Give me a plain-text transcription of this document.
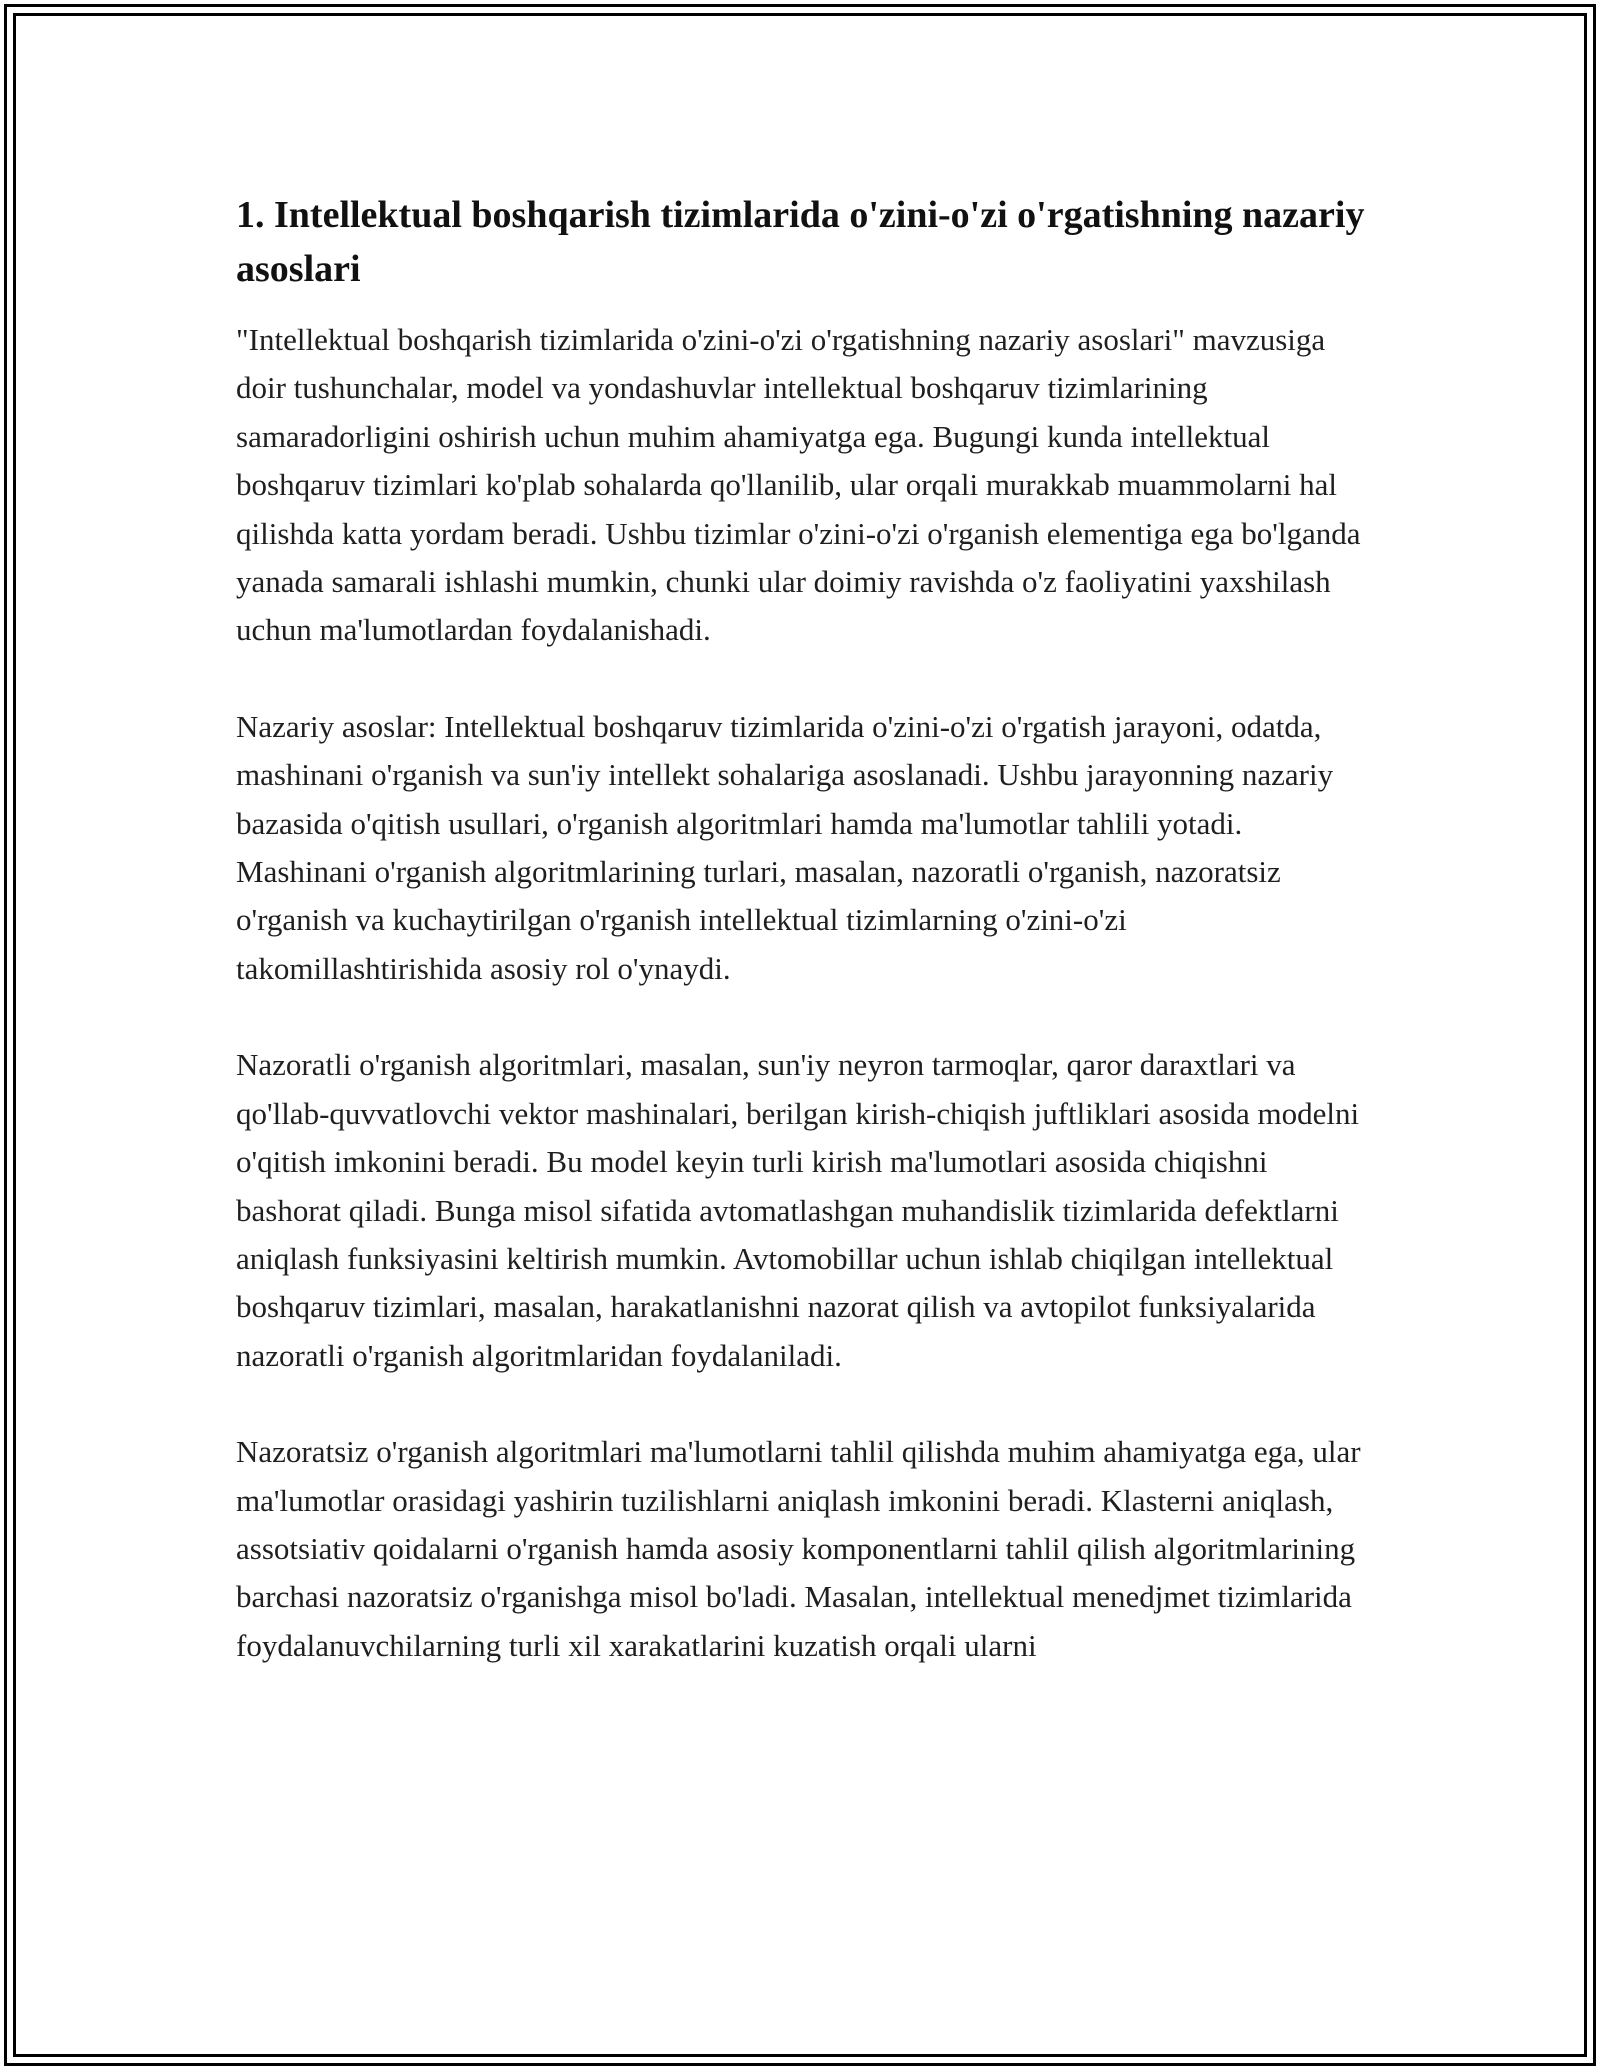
1. Intellektual boshqarish tizimlarida o'zini-o'zi o'rgatishning nazariy asoslari

"Intellektual boshqarish tizimlarida o'zini-o'zi o'rgatishning nazariy asoslari" mavzusiga doir tushunchalar, model va yondashuvlar intellektual boshqaruv tizimlarining samaradorligini oshirish uchun muhim ahamiyatga ega. Bugungi kunda intellektual boshqaruv tizimlari ko'plab sohalarda qo'llanilib, ular orqali murakkab muammolarni hal qilishda katta yordam beradi. Ushbu tizimlar o'zini-o'zi o'rganish elementiga ega bo'lganda yanada samarali ishlashi mumkin, chunki ular doimiy ravishda o'z faoliyatini yaxshilash uchun ma'lumotlardan foydalanishadi.

Nazariy asoslar: Intellektual boshqaruv tizimlarida o'zini-o'zi o'rgatish jarayoni, odatda, mashinani o'rganish va sun'iy intellekt sohalariga asoslanadi. Ushbu jarayonning nazariy bazasida o'qitish usullari, o'rganish algoritmlari hamda ma'lumotlar tahlili yotadi. Mashinani o'rganish algoritmlarining turlari, masalan, nazoratli o'rganish, nazoratsiz o'rganish va kuchaytirilgan o'rganish intellektual tizimlarning o'zini-o'zi takomillashtirishida asosiy rol o'ynaydi.

Nazoratli o'rganish algoritmlari, masalan, sun'iy neyron tarmoqlar, qaror daraxtlari va qo'llab-quvvatlovchi vektor mashinalari, berilgan kirish-chiqish juftliklari asosida modelni o'qitish imkonini beradi. Bu model keyin turli kirish ma'lumotlari asosida chiqishni bashorat qiladi. Bunga misol sifatida avtomatlashgan muhandislik tizimlarida defektlarni aniqlash funksiyasini keltirish mumkin. Avtomobillar uchun ishlab chiqilgan intellektual boshqaruv tizimlari, masalan, harakatlanishni nazorat qilish va avtopilot funksiyalarida nazoratli o'rganish algoritmlaridan foydalaniladi.

Nazoratsiz o'rganish algoritmlari ma'lumotlarni tahlil qilishda muhim ahamiyatga ega, ular ma'lumotlar orasidagi yashirin tuzilishlarni aniqlash imkonini beradi. Klasterni aniqlash, assotsiativ qoidalarni o'rganish hamda asosiy komponentlarni tahlil qilish algoritmlarining barchasi nazoratsiz o'rganishga misol bo'ladi. Masalan, intellektual menedjmet tizimlarida foydalanuvchilarning turli xil xarakatlarini kuzatish orqali ularni
